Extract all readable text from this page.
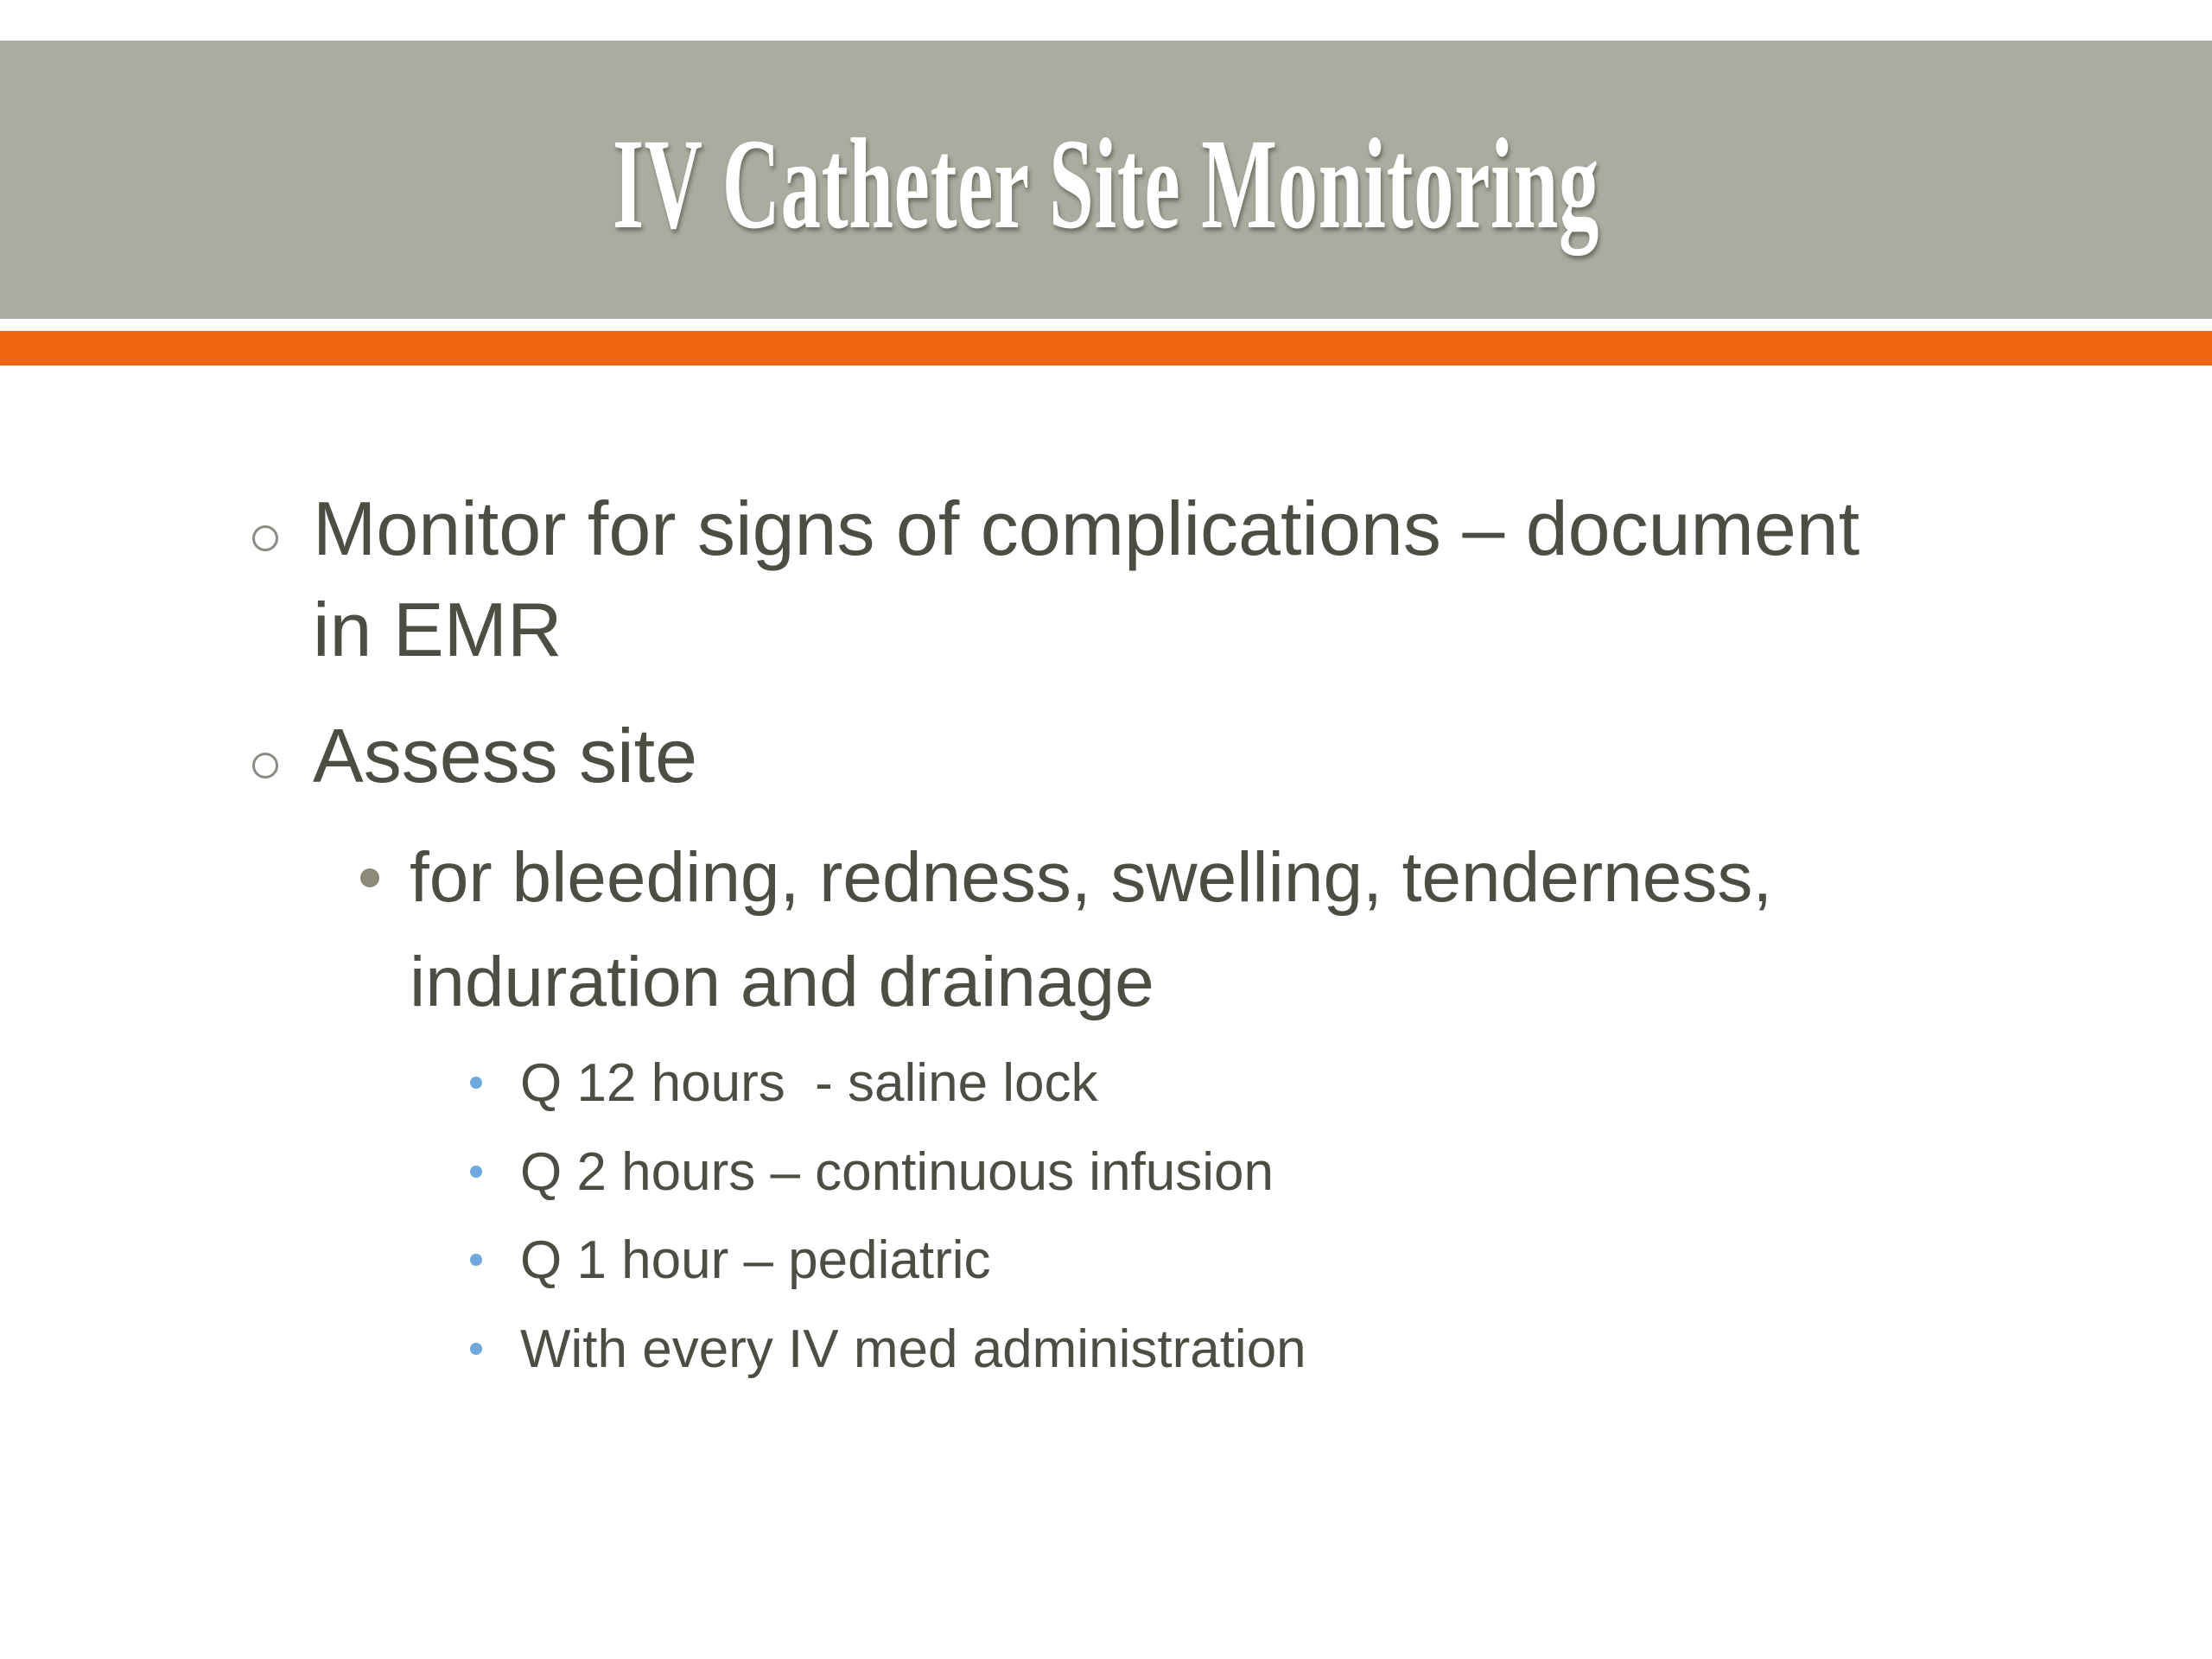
IV Catheter Site Monitoring
Monitor for signs of complications – document
in EMR
Assess site
for bleeding, redness, swelling, tenderness,
induration and drainage
Q 12 hours  - saline lock
Q 2 hours – continuous infusion
Q 1 hour – pediatric
With every IV med administration
